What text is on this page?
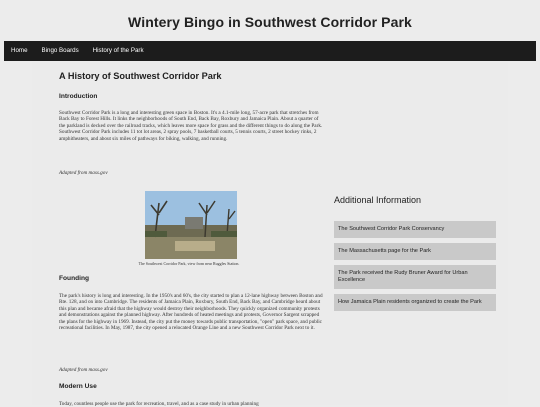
Wintery Bingo in Southwest Corridor Park
Home	Bingo Boards	History of the Park
A History of Southwest Corridor Park
Introduction

Southwest Corridor Park is a long and interesting green space in Boston. It's a 4.1-mile long, 57-acre park that stretches from Back Bay to Forest Hills. It links the neighborhoods of South End, Back Bay, Roxbury and Jamaica Plain. About a quarter of the parkland is decked over the railroad tracks, which leaves more space for grass and the different things to do along the Park. Southwest Corridor Park includes 11 tot lot areas, 2 spray pools, 7 basketball courts, 5 tennis courts, 2 street hockey rinks, 2 amphitheaters, and about six miles of pathways for biking, walking, and running.

Adapted from mass.gov

The Southwest Corridor Park, view from near Ruggles Station.
Founding

The park's history is long and interesting. In the 1950's and 60's, the city started to plan a 12-lane highway between Boston and Rte. 128, and on into Cambridge. The residents of Jamaica Plain, Roxbury, South End, Back Bay, and Cambridge heard about this plan and became afraid that the highway would destroy their neighborhoods. They quickly organized community protests and demonstrations against the planned highway. After hundreds of heated meetings and protests, Governor Sargent scrapped the plans for the highway in 1969. Instead, the city put the money towards public transportation, "open" park space, and public recreational facilities. In May, 1987, the city opened a relocated Orange Line and a new Southwest Corridor Park next to it.

Adapted from mass.gov

Modern Use

Today, countless people use the park for recreation, travel, and as a case study in urban planning

Additional Information
The Southwest Corridor Park Conservancy
The Massachusetts page for the Park
The Park received the Rudy Bruner Award for Urban Excellence
How Jamaica Plain residents organized to create the Park
